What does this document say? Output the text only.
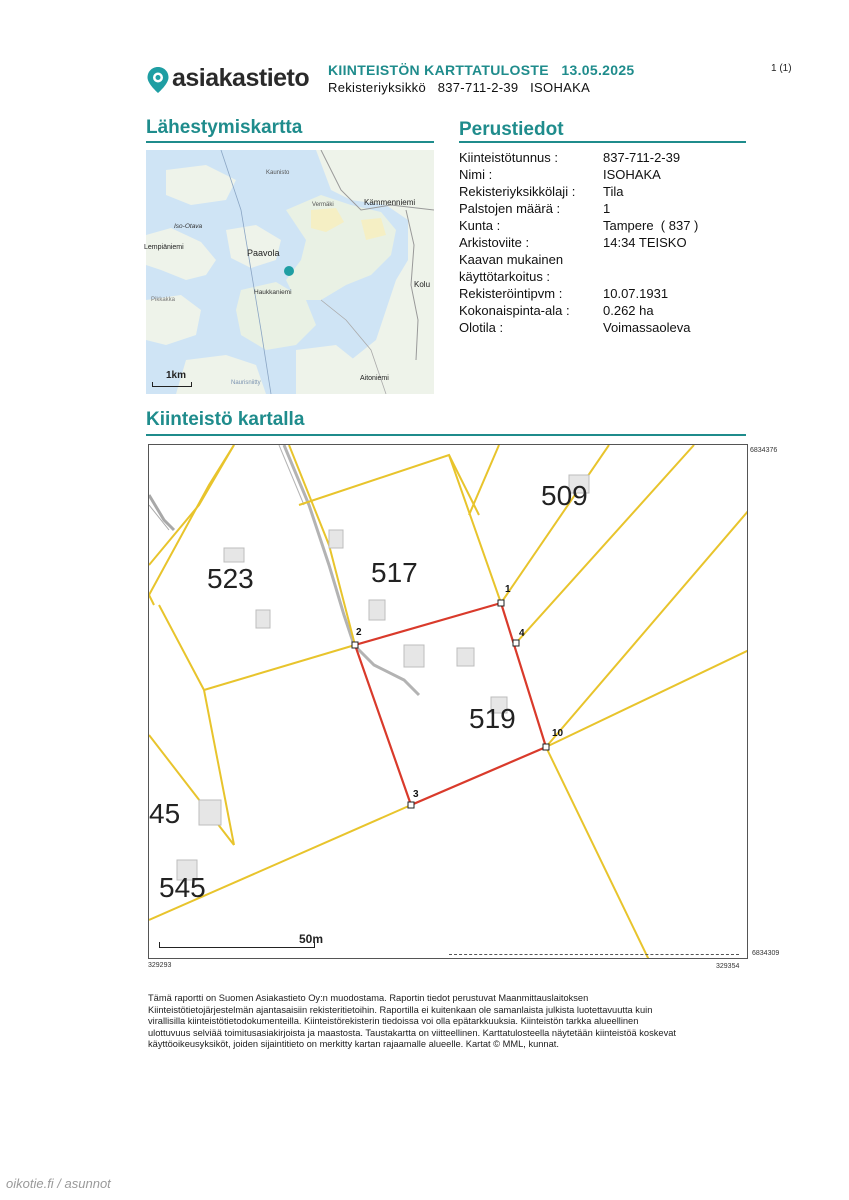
asiakastieto KIINTEISTÖN KARTTATULOSTE   13.05.2025
Rekisteriyksikkö   837-711-2-39   ISOHAKA
1 (1)
Lähestymiskartta
Kaunisto
Kämmenniemi
Vermäki
Iso-Otava
Lempiäniemi
Paavola
Haukkaniemi
Kolu
Pikkakka
Naurisniitty
Aitoniemi
1km
Perustiedot
Kiinteistötunnus :	837-711-2-39
Nimi :	ISOHAKA
Rekisteriyksikkölaji :	Tila
Palstojen määrä :	1
Kunta :	Tampere  ( 837 )
Arkistoviite :	14:34 TEISKO
Kaavan mukainen
käyttötarkoitus :
Rekisteröintipvm :	10.07.1931
Kokonaispinta-ala :	0.262 ha
Olotila :	Voimassaoleva
Kiinteistö kartalla
509
517
523
519
45
545
1
2
3
4
10
50m
6834376
6834309
329293	329354

Tämä raportti on Suomen Asiakastieto Oy:n muodostama. Raportin tiedot perustuvat Maanmittauslaitoksen

Kiinteistötietojärjestelmän ajantasaisiin rekisteritietoihin. Raportilla ei kuitenkaan ole samanlaista julkista luotettavuutta kuin

virallisilla kiinteistötietodokumenteilla. Kiinteistörekisterin tiedoissa voi olla epätarkkuuksia. Kiinteistön tarkka alueellinen

ulottuvuus selviää toimitusasiakirjoista ja maastosta. Taustakartta on viitteellinen. Karttatulosteella näytetään kiinteistöä koskevat

käyttöoikeusyksiköt, joiden sijaintitieto on merkitty kartan rajaamalle alueelle. Kartat © MML, kunnat.

oikotie.fi / asunnot
